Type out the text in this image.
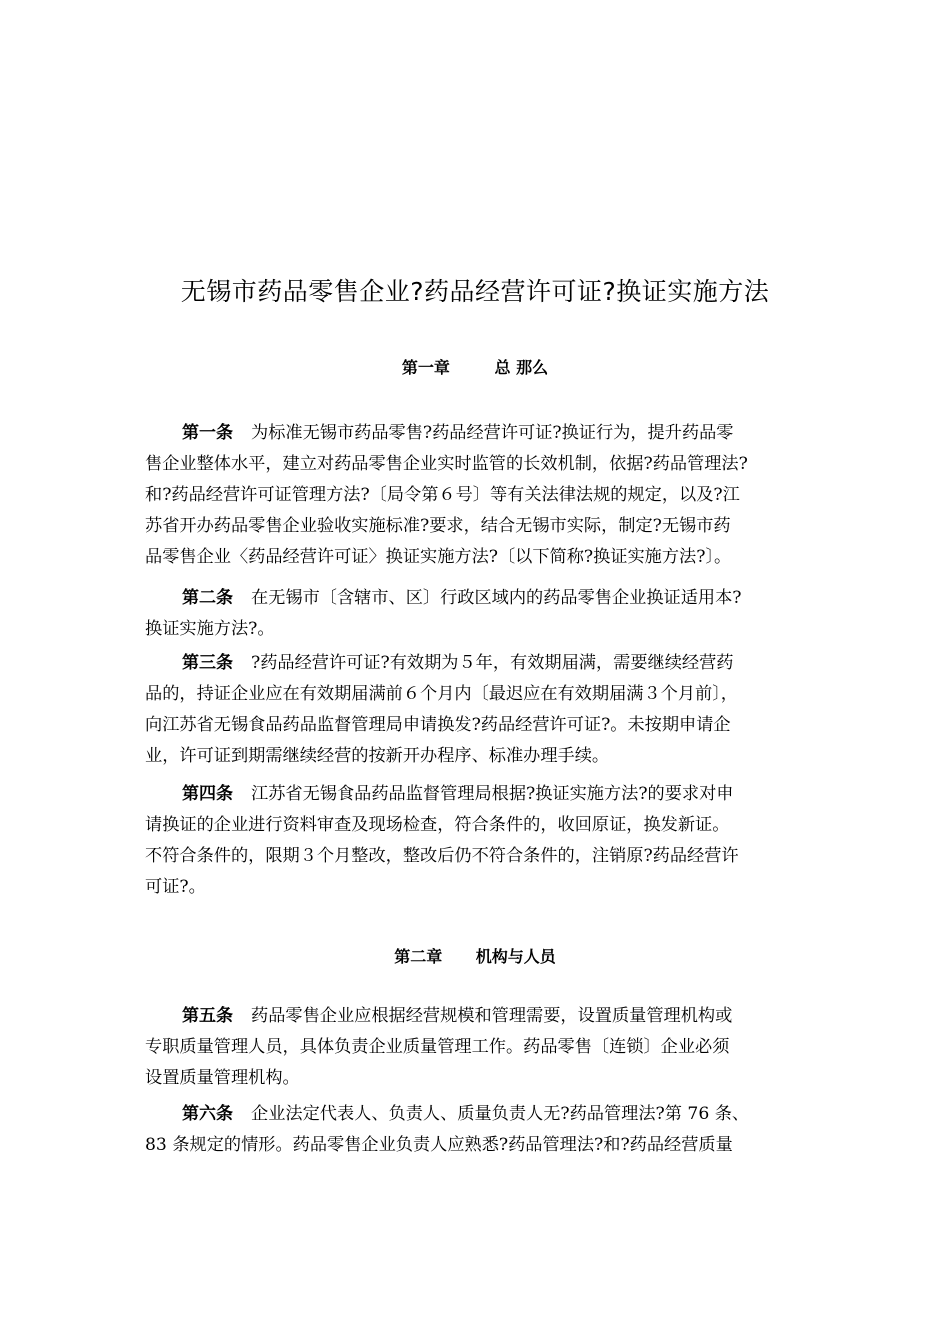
无锡市药品零售企业?药品经营许可证?换证实施方法
第一章	总 那么
第一条 为标准无锡市药品零售?药品经营许可证?换证行为，提升药品零
售企业整体水平，建立对药品零售企业实时监管的长效机制，依据?药品管理法?
和?药品经营许可证管理方法?〔局令第６号〕等有关法律法规的规定，以及?江
苏省开办药品零售企业验收实施标准?要求，结合无锡市实际，制定?无锡市药
品零售企业〈药品经营许可证〉换证实施方法?〔以下简称?换证实施方法?〕。
第二条 在无锡市〔含辖市、区〕行政区域内的药品零售企业换证适用本?
换证实施方法?。
第三条 ?药品经营许可证?有效期为５年，有效期届满，需要继续经营药
品的，持证企业应在有效期届满前６个月内〔最迟应在有效期届满３个月前〕，
向江苏省无锡食品药品监督管理局申请换发?药品经营许可证?。未按期申请企
业，许可证到期需继续经营的按新开办程序、标准办理手续。
第四条 江苏省无锡食品药品监督管理局根据?换证实施方法?的要求对申
请换证的企业进行资料审查及现场检查，符合条件的，收回原证，换发新证。
不符合条件的，限期３个月整改，整改后仍不符合条件的，注销原?药品经营许
可证?。
第二章 机构与人员
第五条 药品零售企业应根据经营规模和管理需要，设置质量管理机构或
专职质量管理人员，具体负责企业质量管理工作。药品零售〔连锁〕企业必须
设置质量管理机构。
第六条 企业法定代表人、负责人、质量负责人无?药品管理法?第 76 条、
83 条规定的情形。药品零售企业负责人应熟悉?药品管理法?和?药品经营质量
